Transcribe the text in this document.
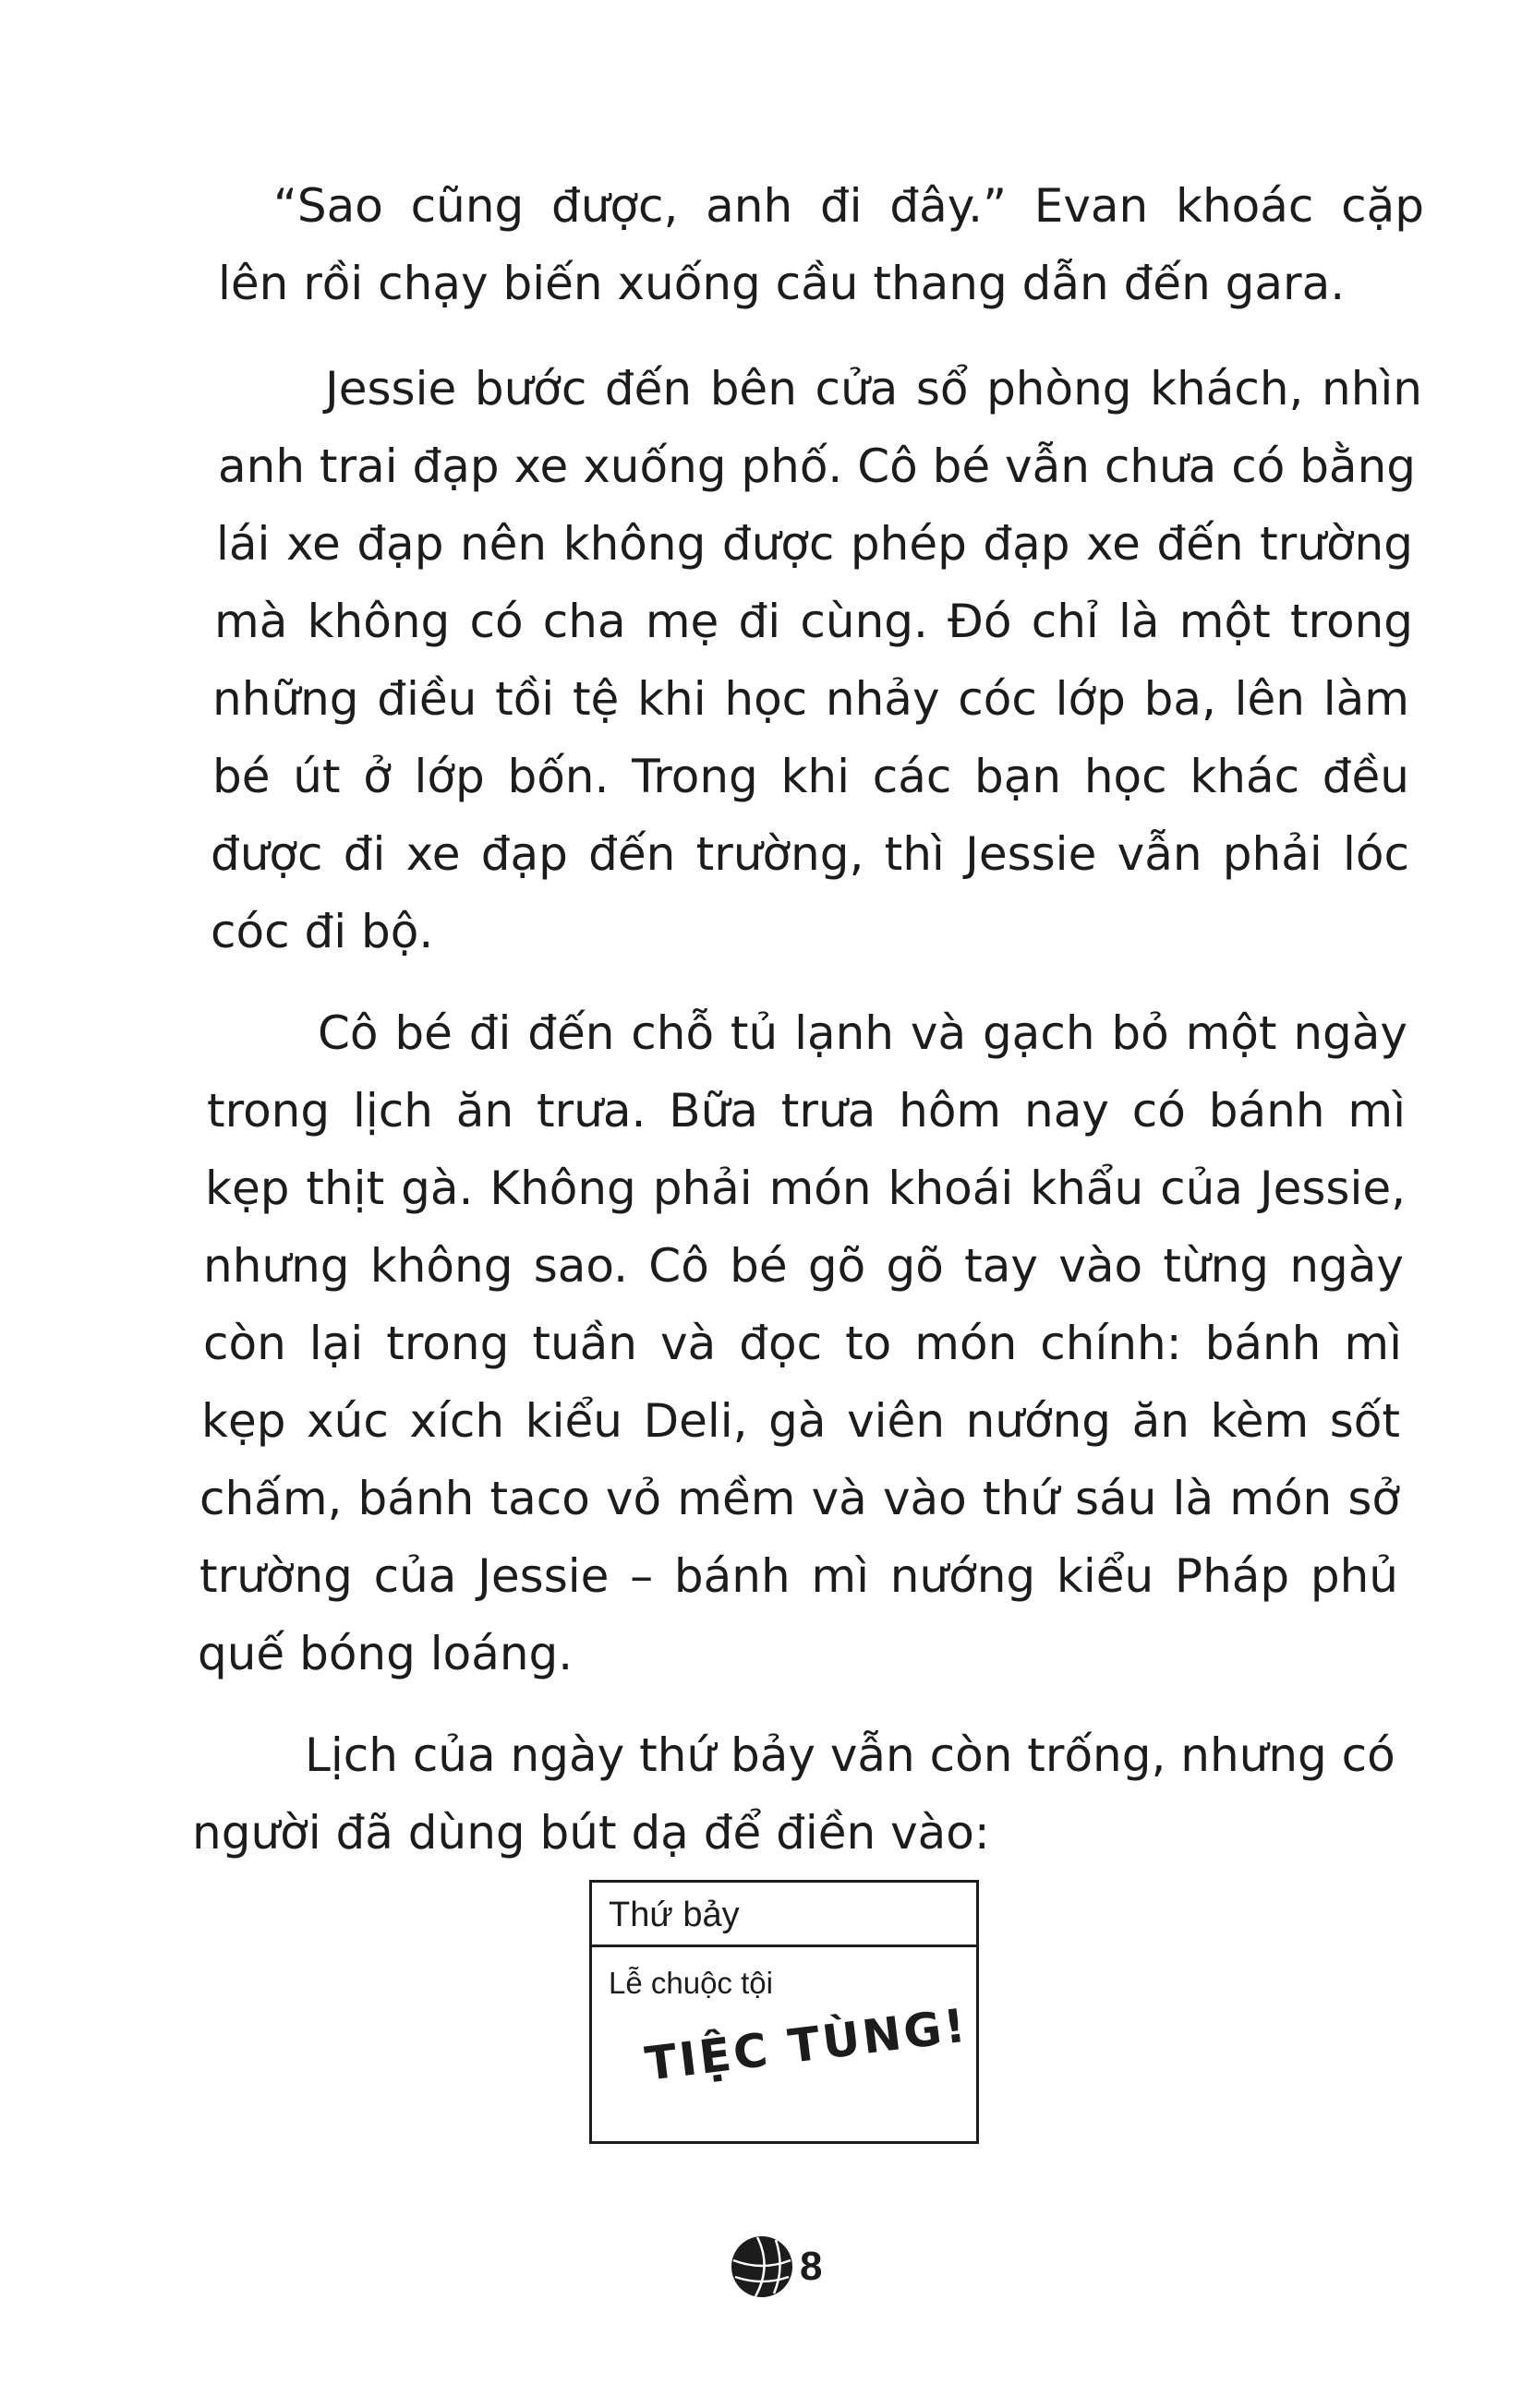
“Sao cũng được, anh đi đây.” Evan khoác cặp
lên rồi chạy biến xuống cầu thang dẫn đến gara.
Jessie bước đến bên cửa sổ phòng khách, nhìn
anh trai đạp xe xuống phố. Cô bé vẫn chưa có bằng
lái xe đạp nên không được phép đạp xe đến trường
mà không có cha mẹ đi cùng. Đó chỉ là một trong
những điều tồi tệ khi học nhảy cóc lớp ba, lên làm
bé út ở lớp bốn. Trong khi các bạn học khác đều
được đi xe đạp đến trường, thì Jessie vẫn phải lóc
cóc đi bộ.
Cô bé đi đến chỗ tủ lạnh và gạch bỏ một ngày
trong lịch ăn trưa. Bữa trưa hôm nay có bánh mì
kẹp thịt gà. Không phải món khoái khẩu của Jessie,
nhưng không sao. Cô bé gõ gõ tay vào từng ngày
còn lại trong tuần và đọc to món chính: bánh mì
kẹp xúc xích kiểu Deli, gà viên nướng ăn kèm sốt
chấm, bánh taco vỏ mềm và vào thứ sáu là món sở
trường của Jessie – bánh mì nướng kiểu Pháp phủ
quế bóng loáng.
Lịch của ngày thứ bảy vẫn còn trống, nhưng có
người đã dùng bút dạ để điền vào:
Thứ bảy
Lễ chuộc tội
TIỆC TÙNG!
8
